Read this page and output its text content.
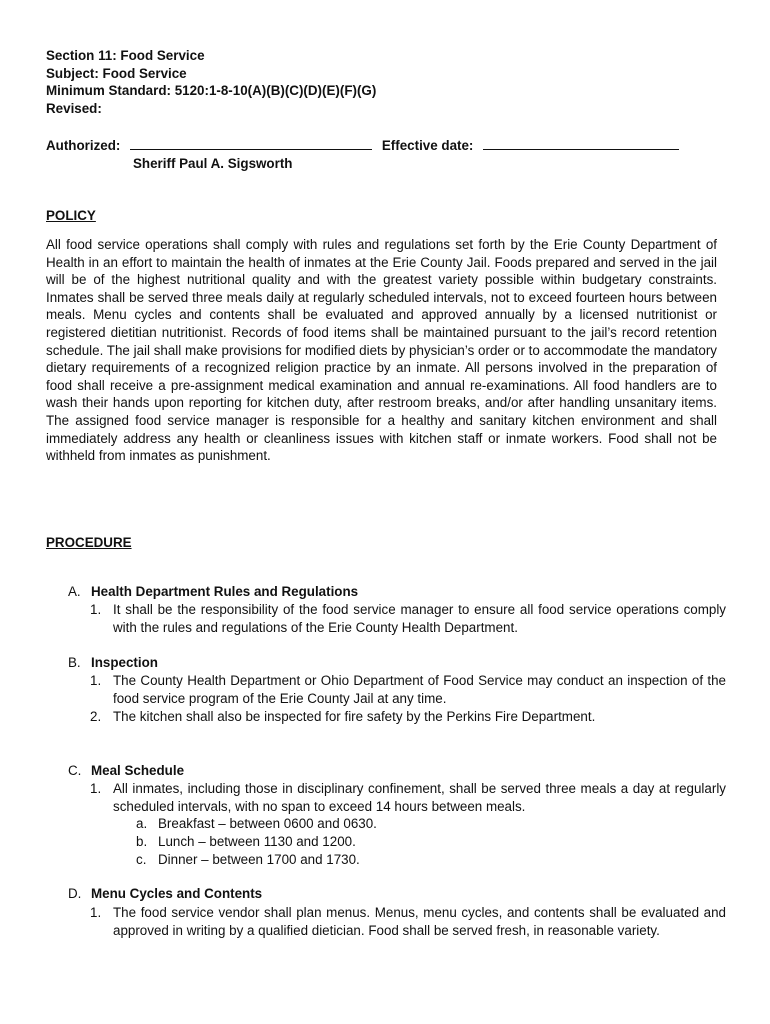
Section 11: Food Service
Subject: Food Service
Minimum Standard: 5120:1-8-10(A)(B)(C)(D)(E)(F)(G)
Revised:
Authorized:	Effective date:
Sheriff Paul A. Sigsworth
POLICY
All food service operations shall comply with rules and regulations set forth by the Erie County Department of Health in an effort to maintain the health of inmates at the Erie County Jail. Foods prepared and served in the jail will be of the highest nutritional quality and with the greatest variety possible within budgetary constraints. Inmates shall be served three meals daily at regularly scheduled intervals, not to exceed fourteen hours between meals. Menu cycles and contents shall be evaluated and approved annually by a licensed nutritionist or registered dietitian nutritionist. Records of food items shall be maintained pursuant to the jail’s record retention schedule. The jail shall make provisions for modified diets by physician’s order or to accommodate the mandatory dietary requirements of a recognized religion practice by an inmate. All persons involved in the preparation of food shall receive a pre-assignment medical examination and annual re-examinations. All food handlers are to wash their hands upon reporting for kitchen duty, after restroom breaks, and/or after handling unsanitary items. The assigned food service manager is responsible for a healthy and sanitary kitchen environment and shall immediately address any health or cleanliness issues with kitchen staff or inmate workers. Food shall not be withheld from inmates as punishment.
PROCEDURE
A. Health Department Rules and Regulations
1. It shall be the responsibility of the food service manager to ensure all food service operations comply with the rules and regulations of the Erie County Health Department.
B. Inspection
1. The County Health Department or Ohio Department of Food Service may conduct an inspection of the food service program of the Erie County Jail at any time.
2. The kitchen shall also be inspected for fire safety by the Perkins Fire Department.
C. Meal Schedule
1. All inmates, including those in disciplinary confinement, shall be served three meals a day at regularly scheduled intervals, with no span to exceed 14 hours between meals.
a. Breakfast – between 0600 and 0630.
b. Lunch – between 1130 and 1200.
c. Dinner – between 1700 and 1730.
D. Menu Cycles and Contents
1. The food service vendor shall plan menus. Menus, menu cycles, and contents shall be evaluated and approved in writing by a qualified dietician. Food shall be served fresh, in reasonable variety.
